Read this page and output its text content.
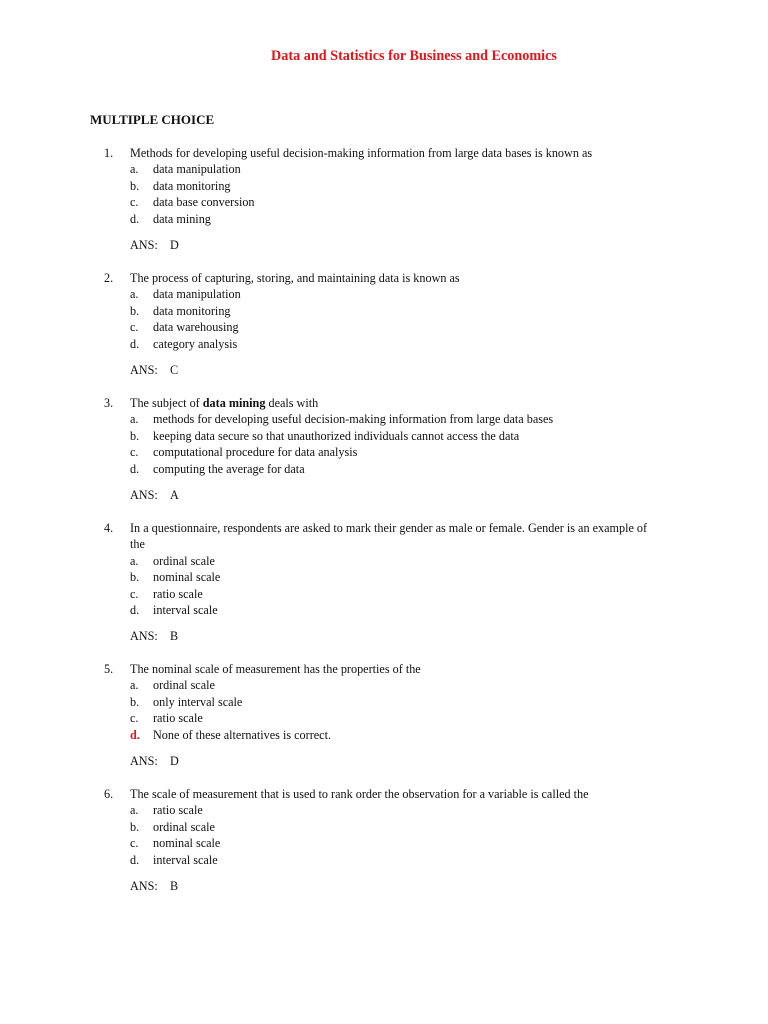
Data and Statistics for Business and Economics
MULTIPLE CHOICE
1.	Methods for developing useful decision-making information from large data bases is known as
a.	data manipulation
b.	data monitoring
c.	data base conversion
d.	data mining
ANS: D
2.	The process of capturing, storing, and maintaining data is known as
a.	data manipulation
b.	data monitoring
c.	data warehousing
d.	category analysis
ANS: C
3.	The subject of data mining deals with
a.	methods for developing useful decision-making information from large data bases
b.	keeping data secure so that unauthorized individuals cannot access the data
c.	computational procedure for data analysis
d.	computing the average for data
ANS: A
4.	In a questionnaire, respondents are asked to mark their gender as male or female. Gender is an example of the
a.	ordinal scale
b.	nominal scale
c.	ratio scale
d.	interval scale
ANS: B
5.	The nominal scale of measurement has the properties of the
a.	ordinal scale
b.	only interval scale
c.	ratio scale
d.	None of these alternatives is correct.
ANS: D
6.	The scale of measurement that is used to rank order the observation for a variable is called the
a.	ratio scale
b.	ordinal scale
c.	nominal scale
d.	interval scale
ANS: B
